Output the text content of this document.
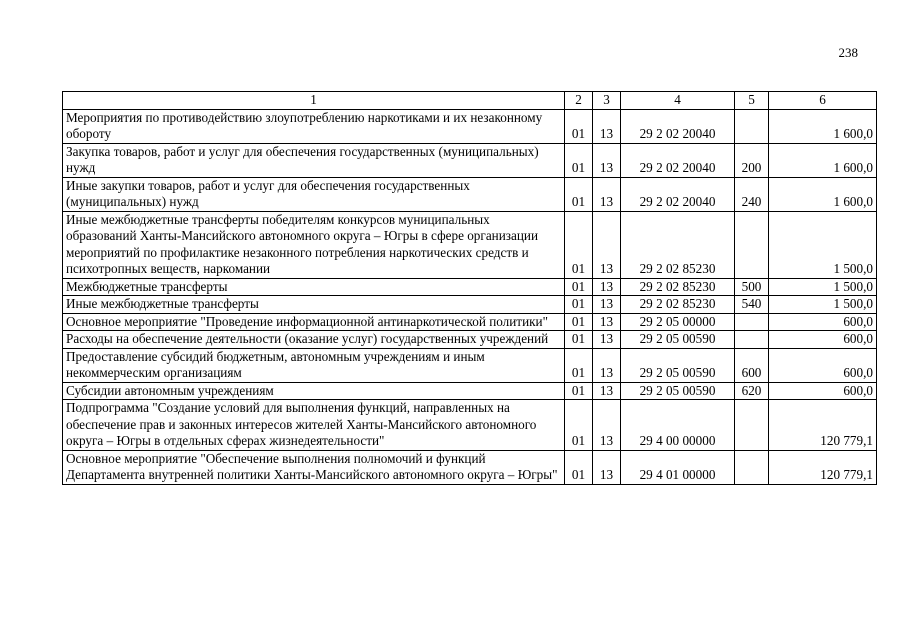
238
1	2	3	4	5	6
Мероприятия по противодействию злоупотреблению наркотиками и их незаконному обороту	01	13	29 2 02 20040		1 600,0
Закупка товаров, работ и услуг для обеспечения государственных (муниципальных) нужд	01	13	29 2 02 20040	200	1 600,0
Иные закупки товаров, работ и услуг для обеспечения государственных (муниципальных) нужд	01	13	29 2 02 20040	240	1 600,0
Иные межбюджетные трансферты победителям конкурсов муниципальных образований Ханты-Мансийского автономного округа – Югры в сфере организации мероприятий по профилактике незаконного потребления наркотических средств и психотропных веществ, наркомании	01	13	29 2 02 85230		1 500,0
Межбюджетные трансферты	01	13	29 2 02 85230	500	1 500,0
Иные межбюджетные трансферты	01	13	29 2 02 85230	540	1 500,0
Основное мероприятие "Проведение информационной антинаркотической политики"	01	13	29 2 05 00000		600,0
Расходы на обеспечение деятельности (оказание услуг) государственных учреждений	01	13	29 2 05 00590		600,0
Предоставление субсидий бюджетным, автономным учреждениям и иным некоммерческим организациям	01	13	29 2 05 00590	600	600,0
Субсидии автономным учреждениям	01	13	29 2 05 00590	620	600,0
Подпрограмма "Создание условий для выполнения функций, направленных на обеспечение прав и законных интересов жителей Ханты-Мансийского автономного округа – Югры в отдельных сферах жизнедеятельности"	01	13	29 4 00 00000		120 779,1
Основное мероприятие "Обеспечение выполнения полномочий и функций Департамента внутренней политики Ханты-Мансийского автономного округа – Югры"	01	13	29 4 01 00000		120 779,1
